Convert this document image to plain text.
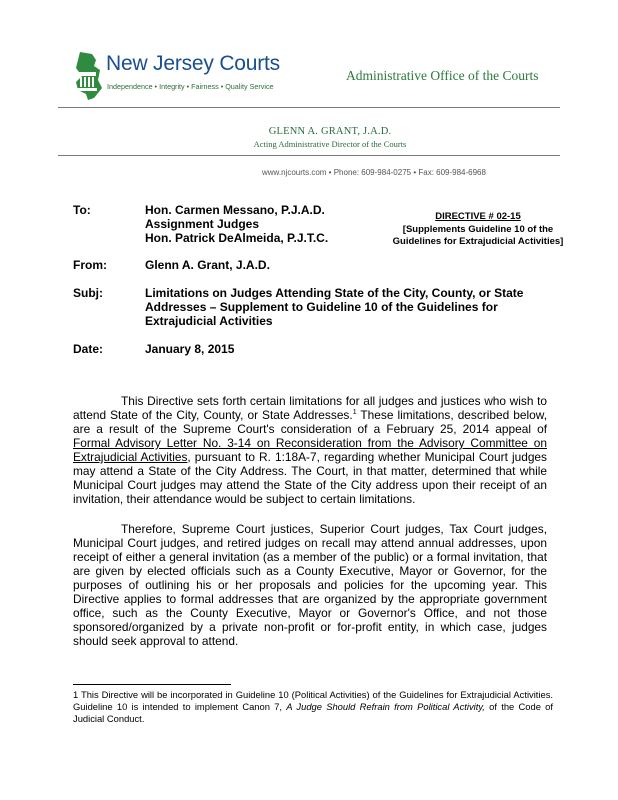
New Jersey Courts
Independence • Integrity • Fairness • Quality Service
Administrative Office of the Courts
GLENN A. GRANT, J.A.D.
Acting Administrative Director of the Courts
www.njcourts.com • Phone: 609-984-0275 • Fax: 609-984-6968
To:	Hon. Carmen Messano, P.J.A.D.
Assignment Judges
Hon. Patrick DeAlmeida, P.J.T.C.
DIRECTIVE # 02-15
[Supplements Guideline 10 of the Guidelines for Extrajudicial Activities]
From:	Glenn A. Grant, J.A.D.
Subj:	Limitations on Judges Attending State of the City, County, or State Addresses – Supplement to Guideline 10 of the Guidelines for Extrajudicial Activities
Date:	January 8, 2015

This Directive sets forth certain limitations for all judges and justices who wish to attend State of the City, County, or State Addresses.$^1$ These limitations, described below, are a result of the Supreme Court's consideration of a February 25, 2014 appeal of Formal Advisory Letter No. 3-14 on Reconsideration from the Advisory Committee on Extrajudicial Activities, pursuant to R. 1:18A-7, regarding whether Municipal Court judges may attend a State of the City Address. The Court, in that matter, determined that while Municipal Court judges may attend the State of the City address upon their receipt of an invitation, their attendance would be subject to certain limitations.

Therefore, Supreme Court justices, Superior Court judges, Tax Court judges, Municipal Court judges, and retired judges on recall may attend annual addresses, upon receipt of either a general invitation (as a member of the public) or a formal invitation, that are given by elected officials such as a County Executive, Mayor or Governor, for the purposes of outlining his or her proposals and policies for the upcoming year. This Directive applies to formal addresses that are organized by the appropriate government office, such as the County Executive, Mayor or Governor's Office, and not those sponsored/organized by a private non-profit or for-profit entity, in which case, judges should seek approval to attend.

1 This Directive will be incorporated in Guideline 10 (Political Activities) of the Guidelines for Extrajudicial Activities. Guideline 10 is intended to implement Canon 7, A Judge Should Refrain from Political Activity, of the Code of Judicial Conduct.
